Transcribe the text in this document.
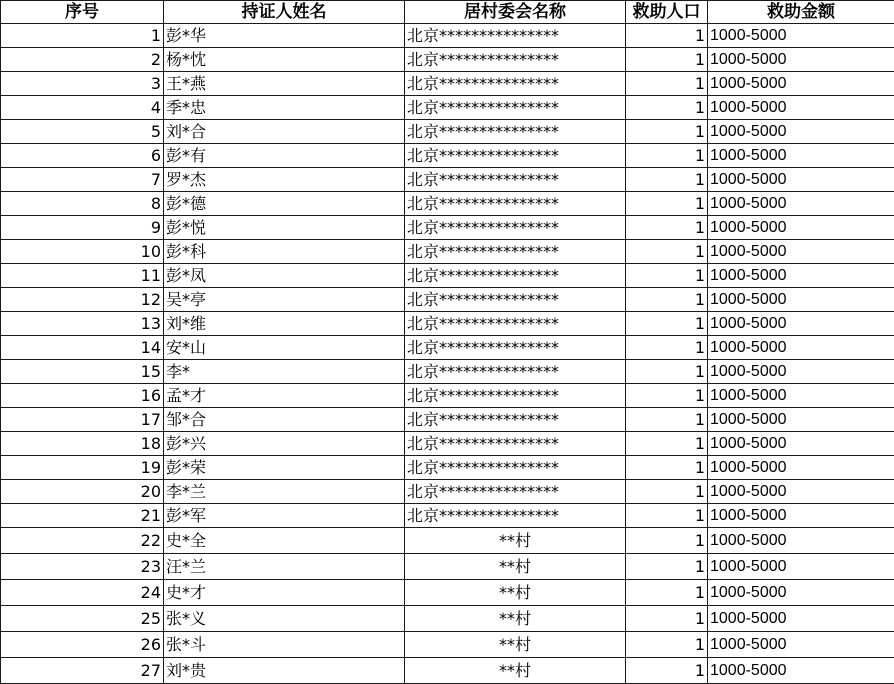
序号	持证人姓名	居村委会名称	救助人口	救助金额
1	彭*华	北京***************	1	1000-5000
2	杨*忱	北京***************	1	1000-5000
3	王*燕	北京***************	1	1000-5000
4	季*忠	北京***************	1	1000-5000
5	刘*合	北京***************	1	1000-5000
6	彭*有	北京***************	1	1000-5000
7	罗*杰	北京***************	1	1000-5000
8	彭*德	北京***************	1	1000-5000
9	彭*悦	北京***************	1	1000-5000
10	彭*科	北京***************	1	1000-5000
11	彭*凤	北京***************	1	1000-5000
12	吴*亭	北京***************	1	1000-5000
13	刘*维	北京***************	1	1000-5000
14	安*山	北京***************	1	1000-5000
15	李*	北京***************	1	1000-5000
16	孟*才	北京***************	1	1000-5000
17	邹*合	北京***************	1	1000-5000
18	彭*兴	北京***************	1	1000-5000
19	彭*荣	北京***************	1	1000-5000
20	李*兰	北京***************	1	1000-5000
21	彭*军	北京***************	1	1000-5000
22	史*全	**村	1	1000-5000
23	汪*兰	**村	1	1000-5000
24	史*才	**村	1	1000-5000
25	张*义	**村	1	1000-5000
26	张*斗	**村	1	1000-5000
27	刘*贵	**村	1	1000-5000
